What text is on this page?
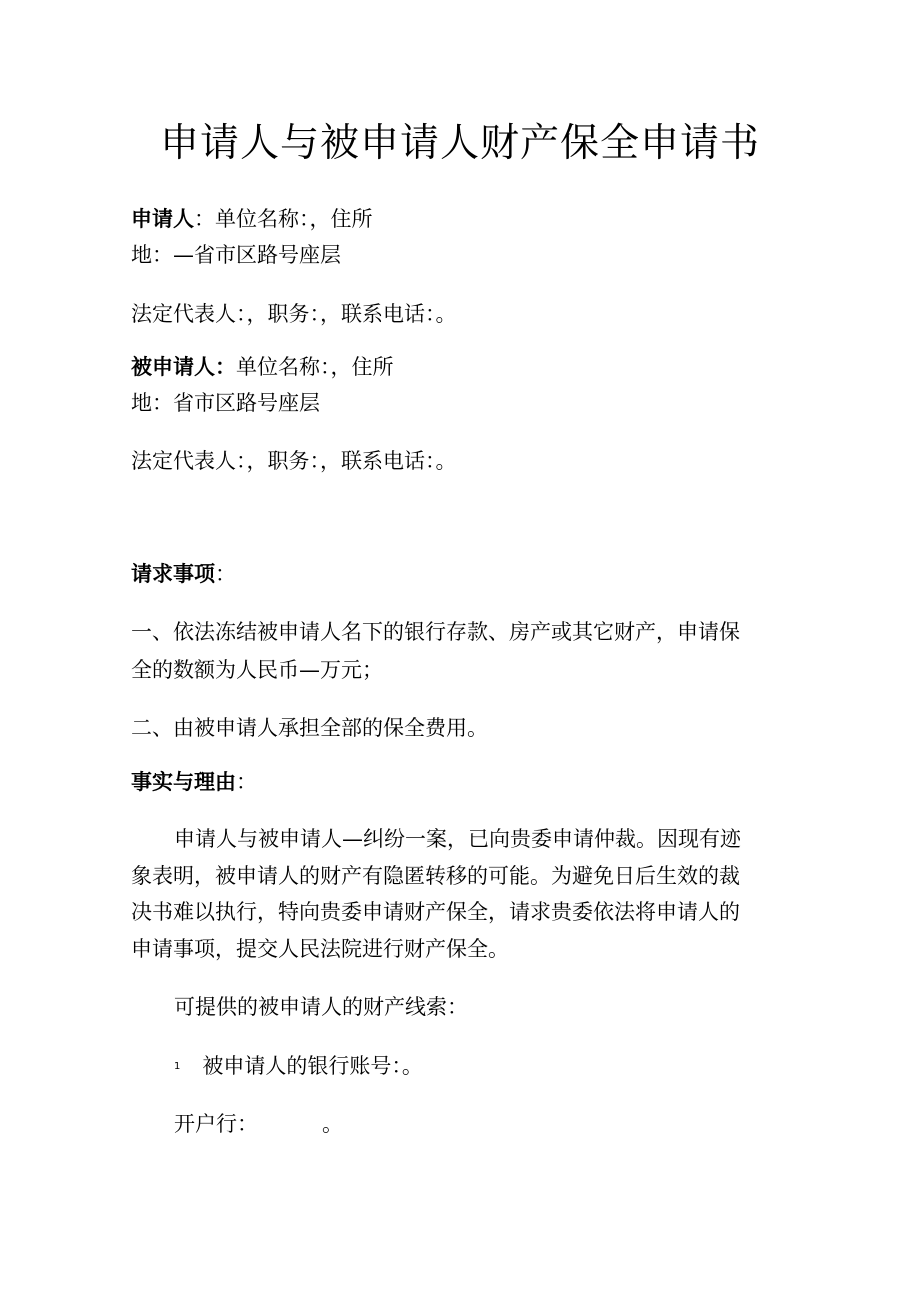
申请人与被申请人财产保全申请书
申请人：单位名称：，住所
地：—省市区路号座层
法定代表人：，职务：，联系电话：。
被申请人：单位名称：，住所
地：省市区路号座层
法定代表人：，职务：，联系电话：。
请求事项：
一、依法冻结被申请人名下的银行存款、房产或其它财产，申请保
全的数额为人民币—万元；
二、由被申请人承担全部的保全费用。
事实与理由：
申请人与被申请人—纠纷一案，已向贵委申请仲裁。因现有迹
象表明，被申请人的财产有隐匿转移的可能。为避免日后生效的裁
决书难以执行，特向贵委申请财产保全，请求贵委依法将申请人的
申请事项，提交人民法院进行财产保全。
可提供的被申请人的财产线索：
1 被申请人的银行账号：。
开户行：	。
